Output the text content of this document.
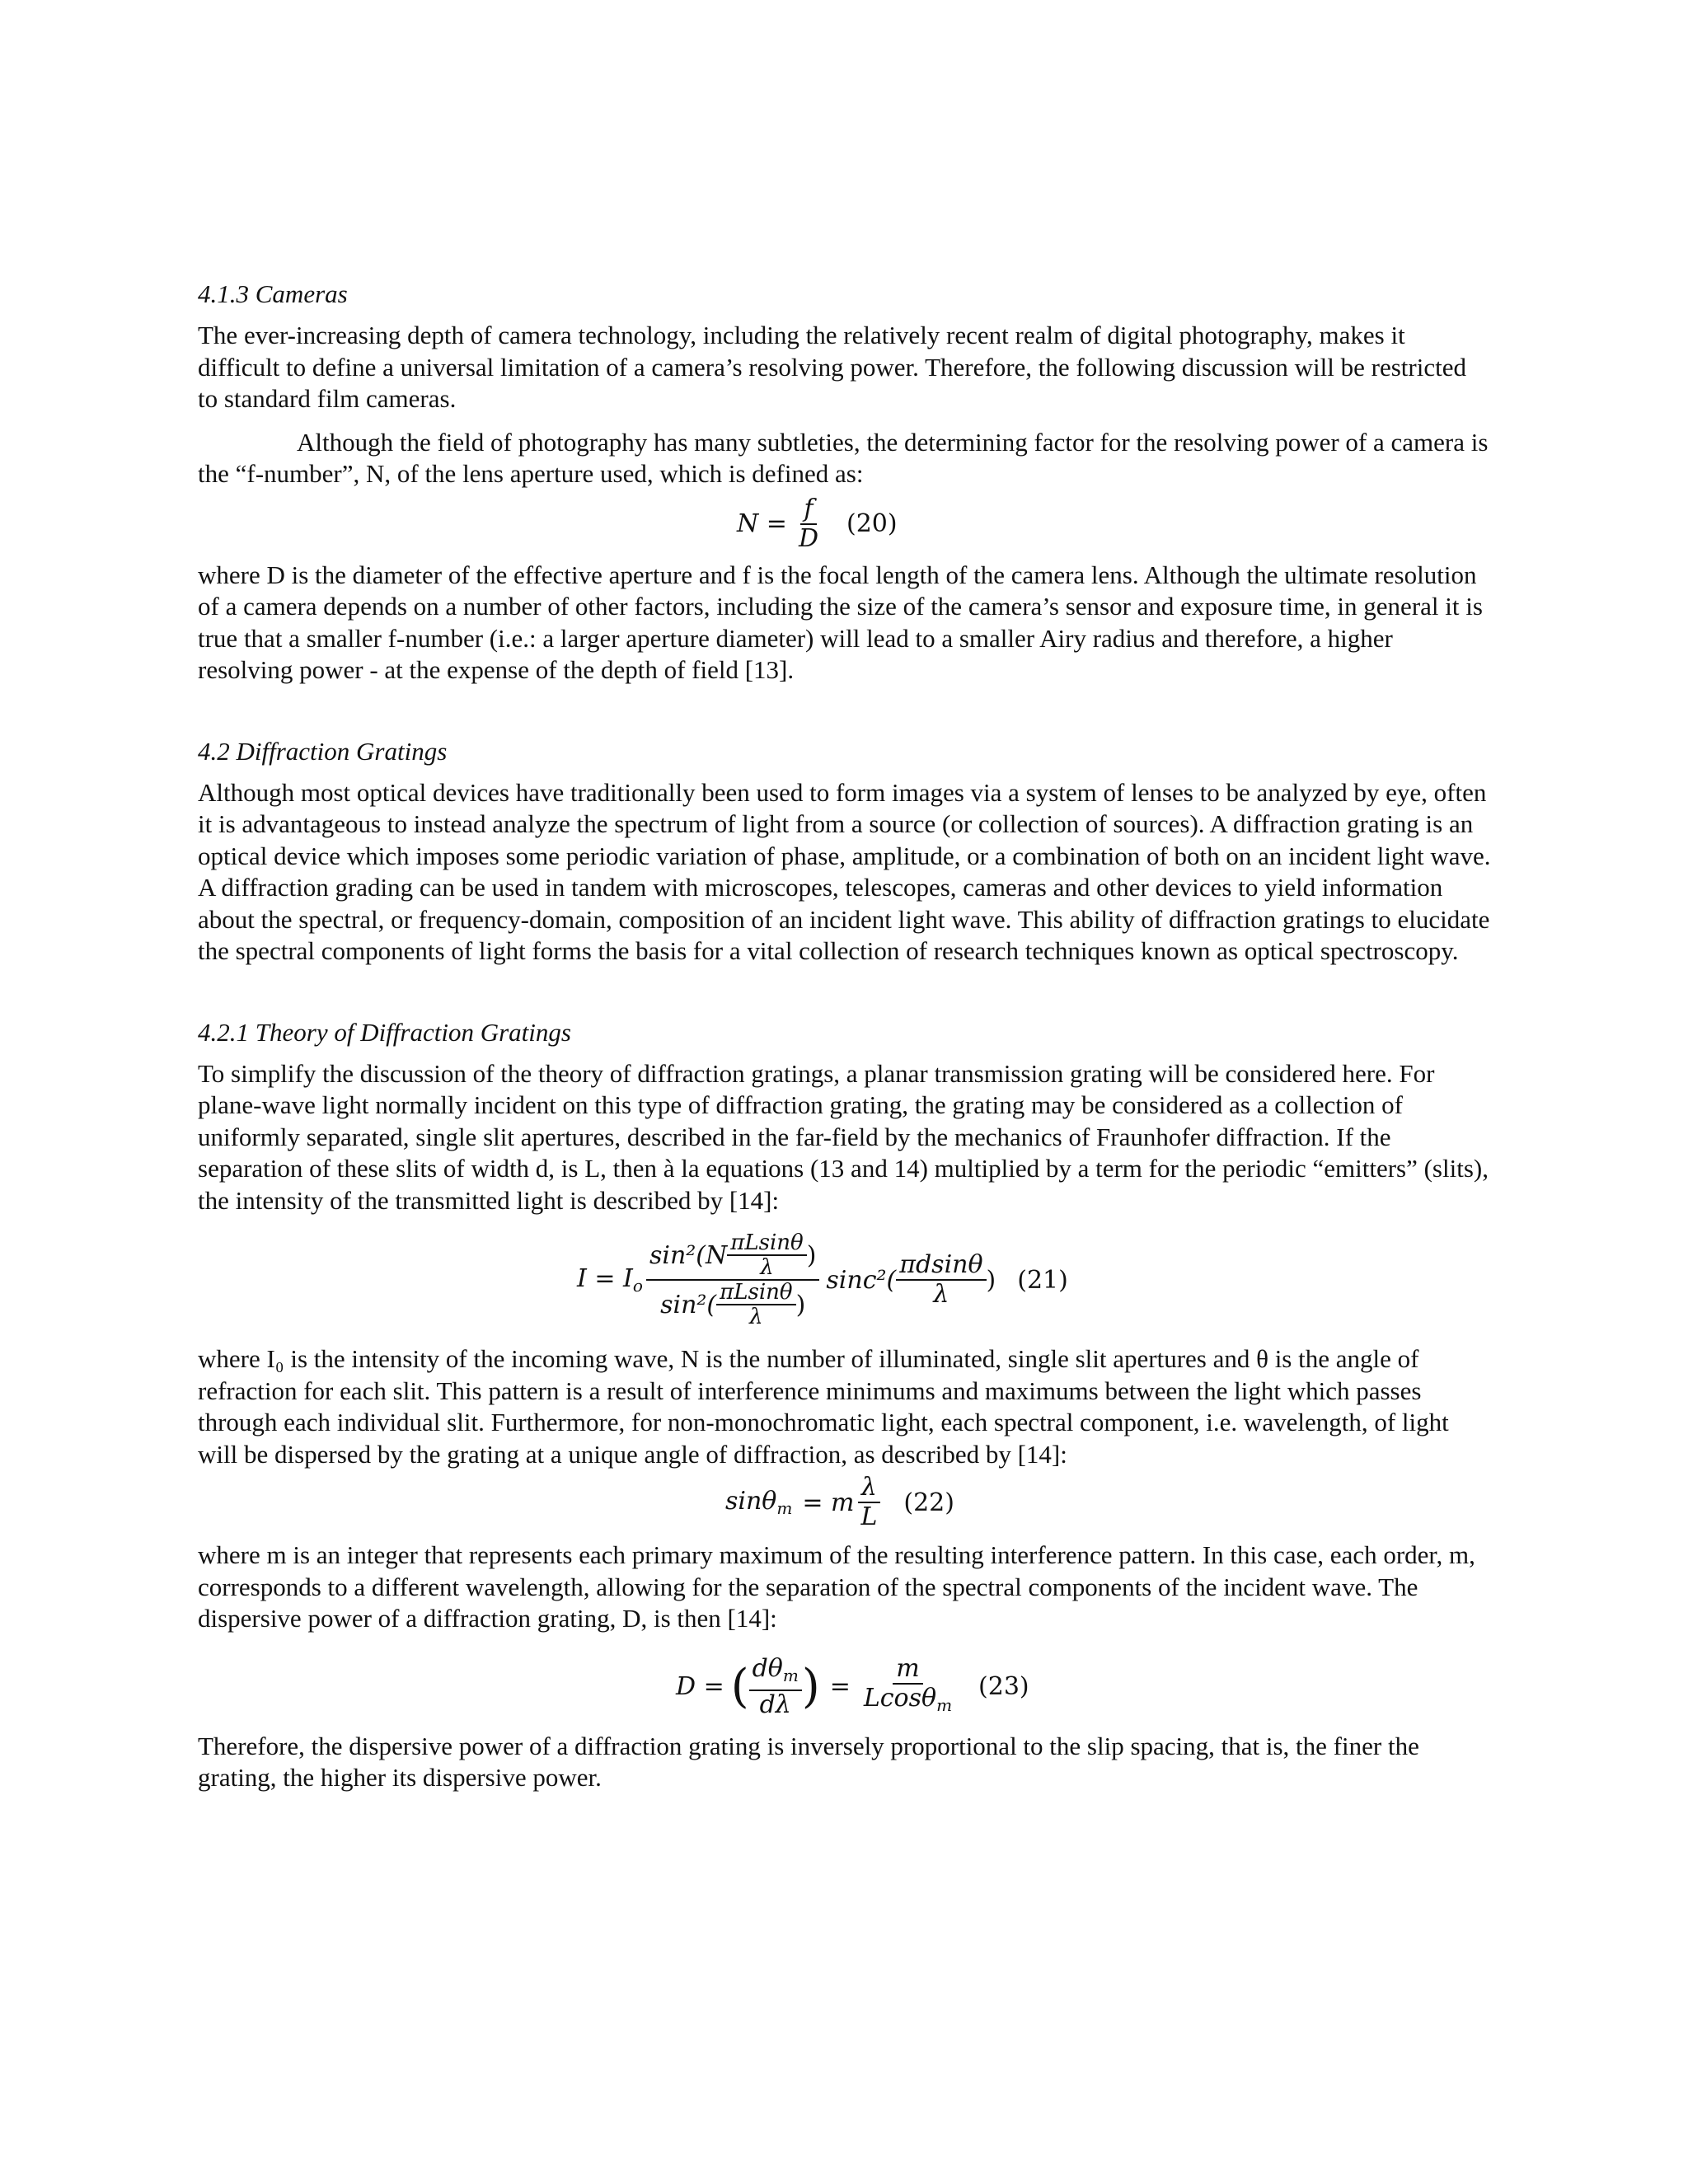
4.1.3 Cameras

The ever-increasing depth of camera technology, including the relatively recent realm of digital photography, makes it difficult to define a universal limitation of a camera’s resolving power. Therefore, the following discussion will be restricted to standard film cameras.

Although the field of photography has many subtleties, the determining factor for the resolving power of a camera is the “f-number”, N, of the lens aperture used, which is defined as:

$N = \frac{f}{D} (20)$

where D is the diameter of the effective aperture and f is the focal length of the camera lens. Although the ultimate resolution of a camera depends on a number of other factors, including the size of the camera’s sensor and exposure time, in general it is true that a smaller f-number (i.e.: a larger aperture diameter) will lead to a smaller Airy radius and therefore, a higher resolving power - at the expense of the depth of field [13].

4.2 Diffraction Gratings

Although most optical devices have traditionally been used to form images via a system of lenses to be analyzed by eye, often it is advantageous to instead analyze the spectrum of light from a source (or collection of sources). A diffraction grating is an optical device which imposes some periodic variation of phase, amplitude, or a combination of both on an incident light wave. A diffraction grading can be used in tandem with microscopes, telescopes, cameras and other devices to yield information about the spectral, or frequency-domain, composition of an incident light wave. This ability of diffraction gratings to elucidate the spectral components of light forms the basis for a vital collection of research techniques known as optical spectroscopy.

4.2.1 Theory of Diffraction Gratings

To simplify the discussion of the theory of diffraction gratings, a planar transmission grating will be considered here. For plane-wave light normally incident on this type of diffraction grating, the grating may be considered as a collection of uniformly separated, single slit apertures, described in the far-field by the mechanics of Fraunhofer diffraction. If the separation of these slits of width d, is L, then à la equations (13 and 14) multiplied by a term for the periodic “emitters” (slits), the intensity of the transmitted light is described by [14]:

$I = I_o$
$\sin^2(N \frac{\pi Lsin\theta}{\lambda}$ )
$\sin^2( \frac{\pi Lsin\theta}{\lambda}$ )
$\sin c^2( \frac{\pi dsin\theta}{\lambda}$ ) (21)

where I₀ is the intensity of the incoming wave, N is the number of illuminated, single slit apertures and θ is the angle of refraction for each slit. This pattern is a result of interference minimums and maximums between the light which passes through each individual slit. Furthermore, for non-monochromatic light, each spectral component, i.e. wavelength, of light will be dispersed by the grating at a unique angle of diffraction, as described by [14]:

sinθ$_m$ = m $\frac{\lambda}{L} (22)$

where m is an integer that represents each primary maximum of the resulting interference pattern. In this case, each order, m, corresponds to a different wavelength, allowing for the separation of the spectral components of the incident wave. The dispersive power of a diffraction grating, D, is then [14]:

D = ( $\frac{d\theta_m}{d\lambda}$ ) = $\frac{m}{Lcos\theta_m} (23)$

Therefore, the dispersive power of a diffraction grating is inversely proportional to the slip spacing, that is, the finer the grating, the higher its dispersive power.
